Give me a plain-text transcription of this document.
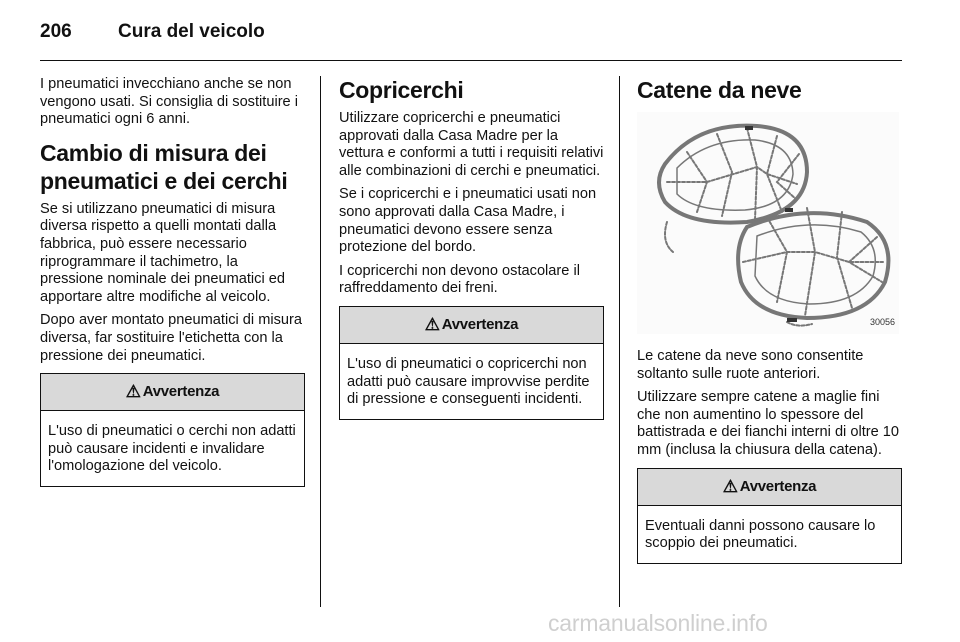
206	Cura del veicolo

I pneumatici invecchiano anche se non vengono usati. Si consiglia di sostituire i pneumatici ogni 6 anni.

Cambio di misura dei pneumatici e dei cerchi

Se si utilizzano pneumatici di misura diversa rispetto a quelli montati dalla fabbrica, può essere necessario riprogrammare il tachimetro, la pressione nominale dei pneumatici ed apportare altre modifiche al veicolo.

Dopo aver montato pneumatici di misura diversa, far sostituire l'etichetta con la pressione dei pneumatici.

⚠ Avvertenza
L'uso di pneumatici o cerchi non adatti può causare incidenti e invalidare l'omologazione del veicolo.
Copricerchi

Utilizzare copricerchi e pneumatici approvati dalla Casa Madre per la vettura e conformi a tutti i requisiti relativi alle combinazioni di cerchi e pneumatici.

Se i copricerchi e i pneumatici usati non sono approvati dalla Casa Madre, i pneumatici devono essere senza protezione del bordo.

I copricerchi non devono ostacolare il raffreddamento dei freni.

⚠ Avvertenza
L'uso di pneumatici o copricerchi non adatti può causare improvvise perdite di pressione e conseguenti incidenti.
Catene da neve
30056

Le catene da neve sono consentite soltanto sulle ruote anteriori.

Utilizzare sempre catene a maglie fini che non aumentino lo spessore del battistrada e dei fianchi interni di oltre 10 mm (inclusa la chiusura della catena).

⚠ Avvertenza
Eventuali danni possono causare lo scoppio dei pneumatici.
carmanualsonline.info
